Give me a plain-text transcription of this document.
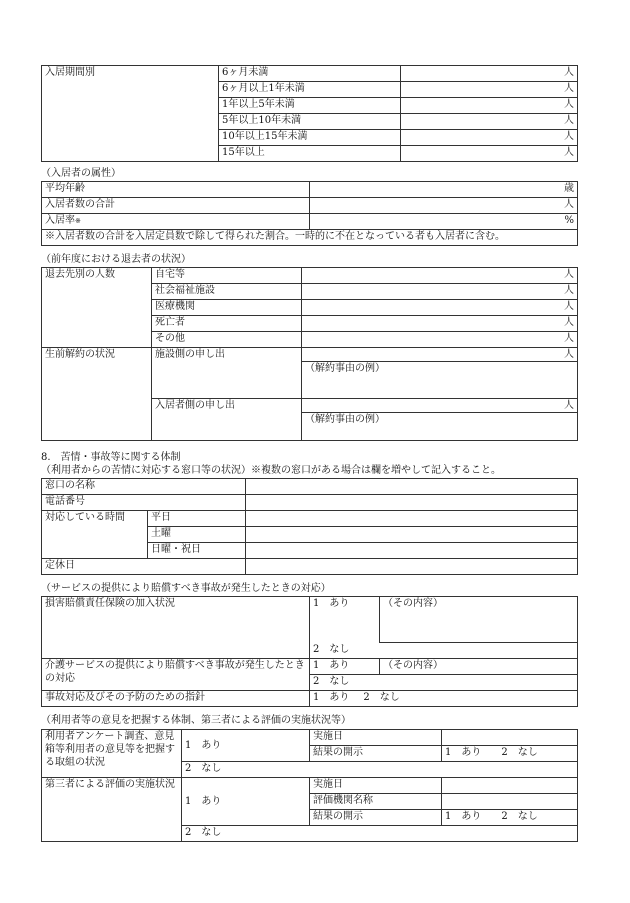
入居期間別	6ヶ月未満	人
	6ヶ月以上1年未満	人
	1年以上5年未満	人
	5年以上10年未満	人
	10年以上15年未満	人
	15年以上	人
（入居者の属性）
平均年齢	歳
入居者数の合計	人
入居率※	%
※入居者数の合計を入居定員数で除して得られた割合。一時的に不在となっている者も入居者に含む。	
（前年度における退去者の状況）
退去先別の人数	自宅等	人
	社会福祉施設	人
	医療機関	人
	死亡者	人
	その他	人
生前解約の状況	施設側の申し出	人
		（解約事由の例）
	入居者側の申し出	人
		（解約事由の例）
8.　苦情・事故等に関する体制
（利用者からの苦情に対応する窓口等の状況）※複数の窓口がある場合は欄を増やして記入すること。
窓口の名称		
電話番号		
対応している時間	平日	
	土曜	
	日曜・祝日	
定休日		
（サービスの提供により賠償すべき事故が発生したときの対応）
損害賠償責任保険の加入状況	1　あり	（その内容）
	2　なし	
介護サービスの提供により賠償すべき事故が発生したときの対応	1　あり	（その内容）
	2　なし	
事故対応及びその予防のための指針	1　あり 2　なし	
（利用者等の意見を把握する体制、第三者による評価の実施状況等）
利用者アンケート調査、意見箱等利用者の意見等を把握する取組の状況	1　あり	実施日	
		結果の開示	1　あり 2　なし
	2　なし		
第三者による評価の実施状況	1　あり	実施日	
		評価機関名称	
		結果の開示	1　あり 2　なし
	2　なし		
